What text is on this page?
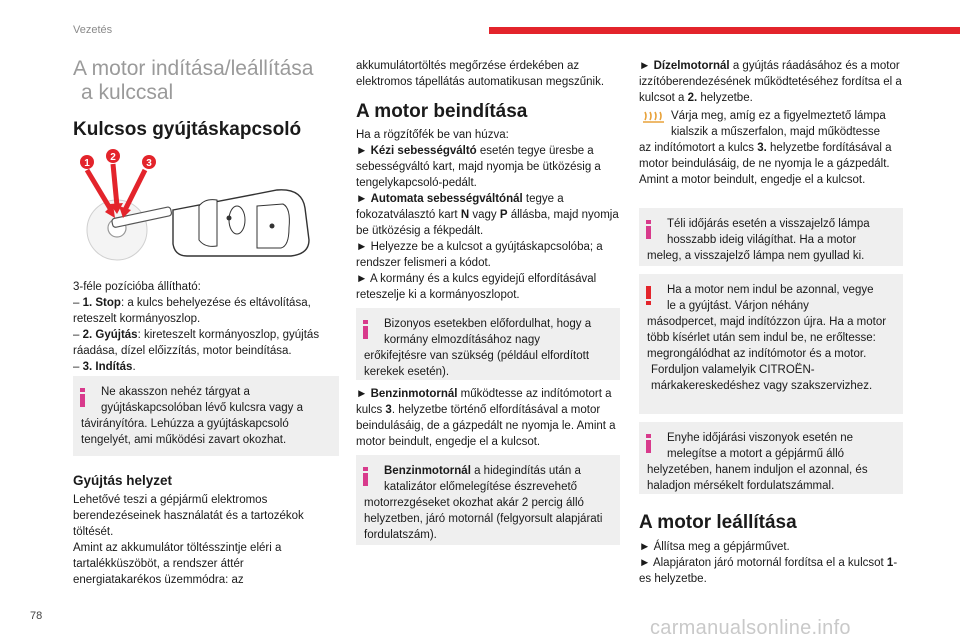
Vezetés
78
carmanualsonline.info
A motor indítása/leállítása
a kulccsal
Kulcsos gyújtáskapcsoló
1
2
3
3-féle pozícióba állítható:
– 1. Stop: a kulcs behelyezése és eltávolítása, reteszelt kormányoszlop.
– 2. Gyújtás: kireteszelt kormányoszlop, gyújtás ráadása, dízel előizzítás, motor beindítása.
– 3. Indítás.
Ne akasszon nehéz tárgyat a
gyújtáskapcsolóban lévő kulcsra vagy a
távirányítóra. Lehúzza a gyújtáskapcsoló tengelyét, ami működési zavart okozhat.
Gyújtás helyzet
Lehetővé teszi a gépjármű elektromos berendezéseinek használatát és a tartozékok töltését.
Amint az akkumulátor töltésszintje eléri a tartalékküszöböt, a rendszer áttér energiatakarékos üzemmódra: az
akkumulátortöltés megőrzése érdekében az elektromos tápellátás automatikusan megszűnik.
A motor beindítása
Ha a rögzítőfék be van húzva:
► Kézi sebességváltó esetén tegye üresbe a sebességváltó kart, majd nyomja be ütközésig a tengelykapcsoló-pedált.
► Automata sebességváltónál tegye a fokozatválasztó kart N vagy P állásba, majd nyomja be ütközésig a fékpedált.
► Helyezze be a kulcsot a gyújtáskapcsolóba; a rendszer felismeri a kódot.
► A kormány és a kulcs egyidejű elfordításával reteszelje ki a kormányoszlopot.
Bizonyos esetekben előfordulhat, hogy a
kormány elmozdításához nagy
erőkifejtésre van szükség (például elfordított kerekek esetén).
► Benzinmotornál működtesse az indítómotort a kulcs 3. helyzetbe történő elfordításával a motor beindulásáig, de a gázpedált ne nyomja le. Amint a motor beindult, engedje el a kulcsot.
Benzinmotornál a hidegindítás után a
katalizátor előmelegítése észrevehető
motorrezgéseket okozhat akár 2 percig álló helyzetben, járó motornál (felgyorsult alapjárati fordulatszám).
► Dízelmotornál a gyújtás ráadásához és a motor izzítóberendezésének működtetéséhez fordítsa el a kulcsot a 2. helyzetbe.
Várja meg, amíg ez a figyelmeztető lámpa
kialszik a műszerfalon, majd működtesse
az indítómotort a kulcs 3. helyzetbe fordításával a motor beindulásáig, de ne nyomja le a gázpedált. Amint a motor beindult, engedje el a kulcsot.
Téli időjárás esetén a visszajelző lámpa
hosszabb ideig világíthat. Ha a motor
meleg, a visszajelző lámpa nem gyullad ki.
Ha a motor nem indul be azonnal, vegye
le a gyújtást. Várjon néhány
másodpercet, majd indítózzon újra. Ha a motor több kísérlet után sem indul be, ne erőltesse: megrongálódhat az indítómotor és a motor.
Forduljon valamelyik CITROËN-márkakereskedéshez vagy szakszervizhez.
Enyhe időjárási viszonyok esetén ne
melegítse a motort a gépjármű álló
helyzetében, hanem induljon el azonnal, és haladjon mérsékelt fordulatszámmal.
A motor leállítása
► Állítsa meg a gépjárművet.
► Alapjáraton járó motornál fordítsa el a kulcsot 1-es helyzetbe.
